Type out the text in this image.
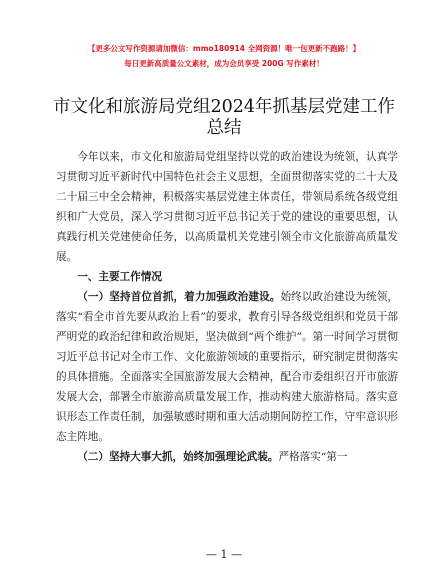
【更多公文写作资源请加微信：mmo180914 全网资源！唯一包更新不跑路！】
每日更新高质量公文素材，成为会员享受 200G 写作素材！
市文化和旅游局党组2024年抓基层党建工作总结

今年以来，市文化和旅游局党组坚持以党的政治建设为统领，认真学习贯彻习近平新时代中国特色社会主义思想，全面贯彻落实党的二十大及二十届三中全会精神，积极落实基层党建主体责任，带领局系统各级党组织和广大党员，深入学习贯彻习近平总书记关于党的建设的重要思想，认真践行机关党建使命任务，以高质量机关党建引领全市文化旅游高质量发展。

一、主要工作情况

（一）坚持首位首抓，着力加强政治建设。始终以政治建设为统领，落实“看全市首先要从政治上看”的要求，教育引导各级党组织和党员干部严明党的政治纪律和政治规矩，坚决做到“两个维护”。第一时间学习贯彻习近平总书记对全市工作、文化旅游领域的重要指示，研究制定贯彻落实的具体措施。全面落实全国旅游发展大会精神，配合市委组织召开市旅游发展大会，部署全市旅游高质量发展工作，推动构建大旅游格局。落实意识形态工作责任制，加强敏感时期和重大活动期间防控工作，守牢意识形态主阵地。

（二）坚持大事大抓，始终加强理论武装。严格落实“第一

— 1 —
